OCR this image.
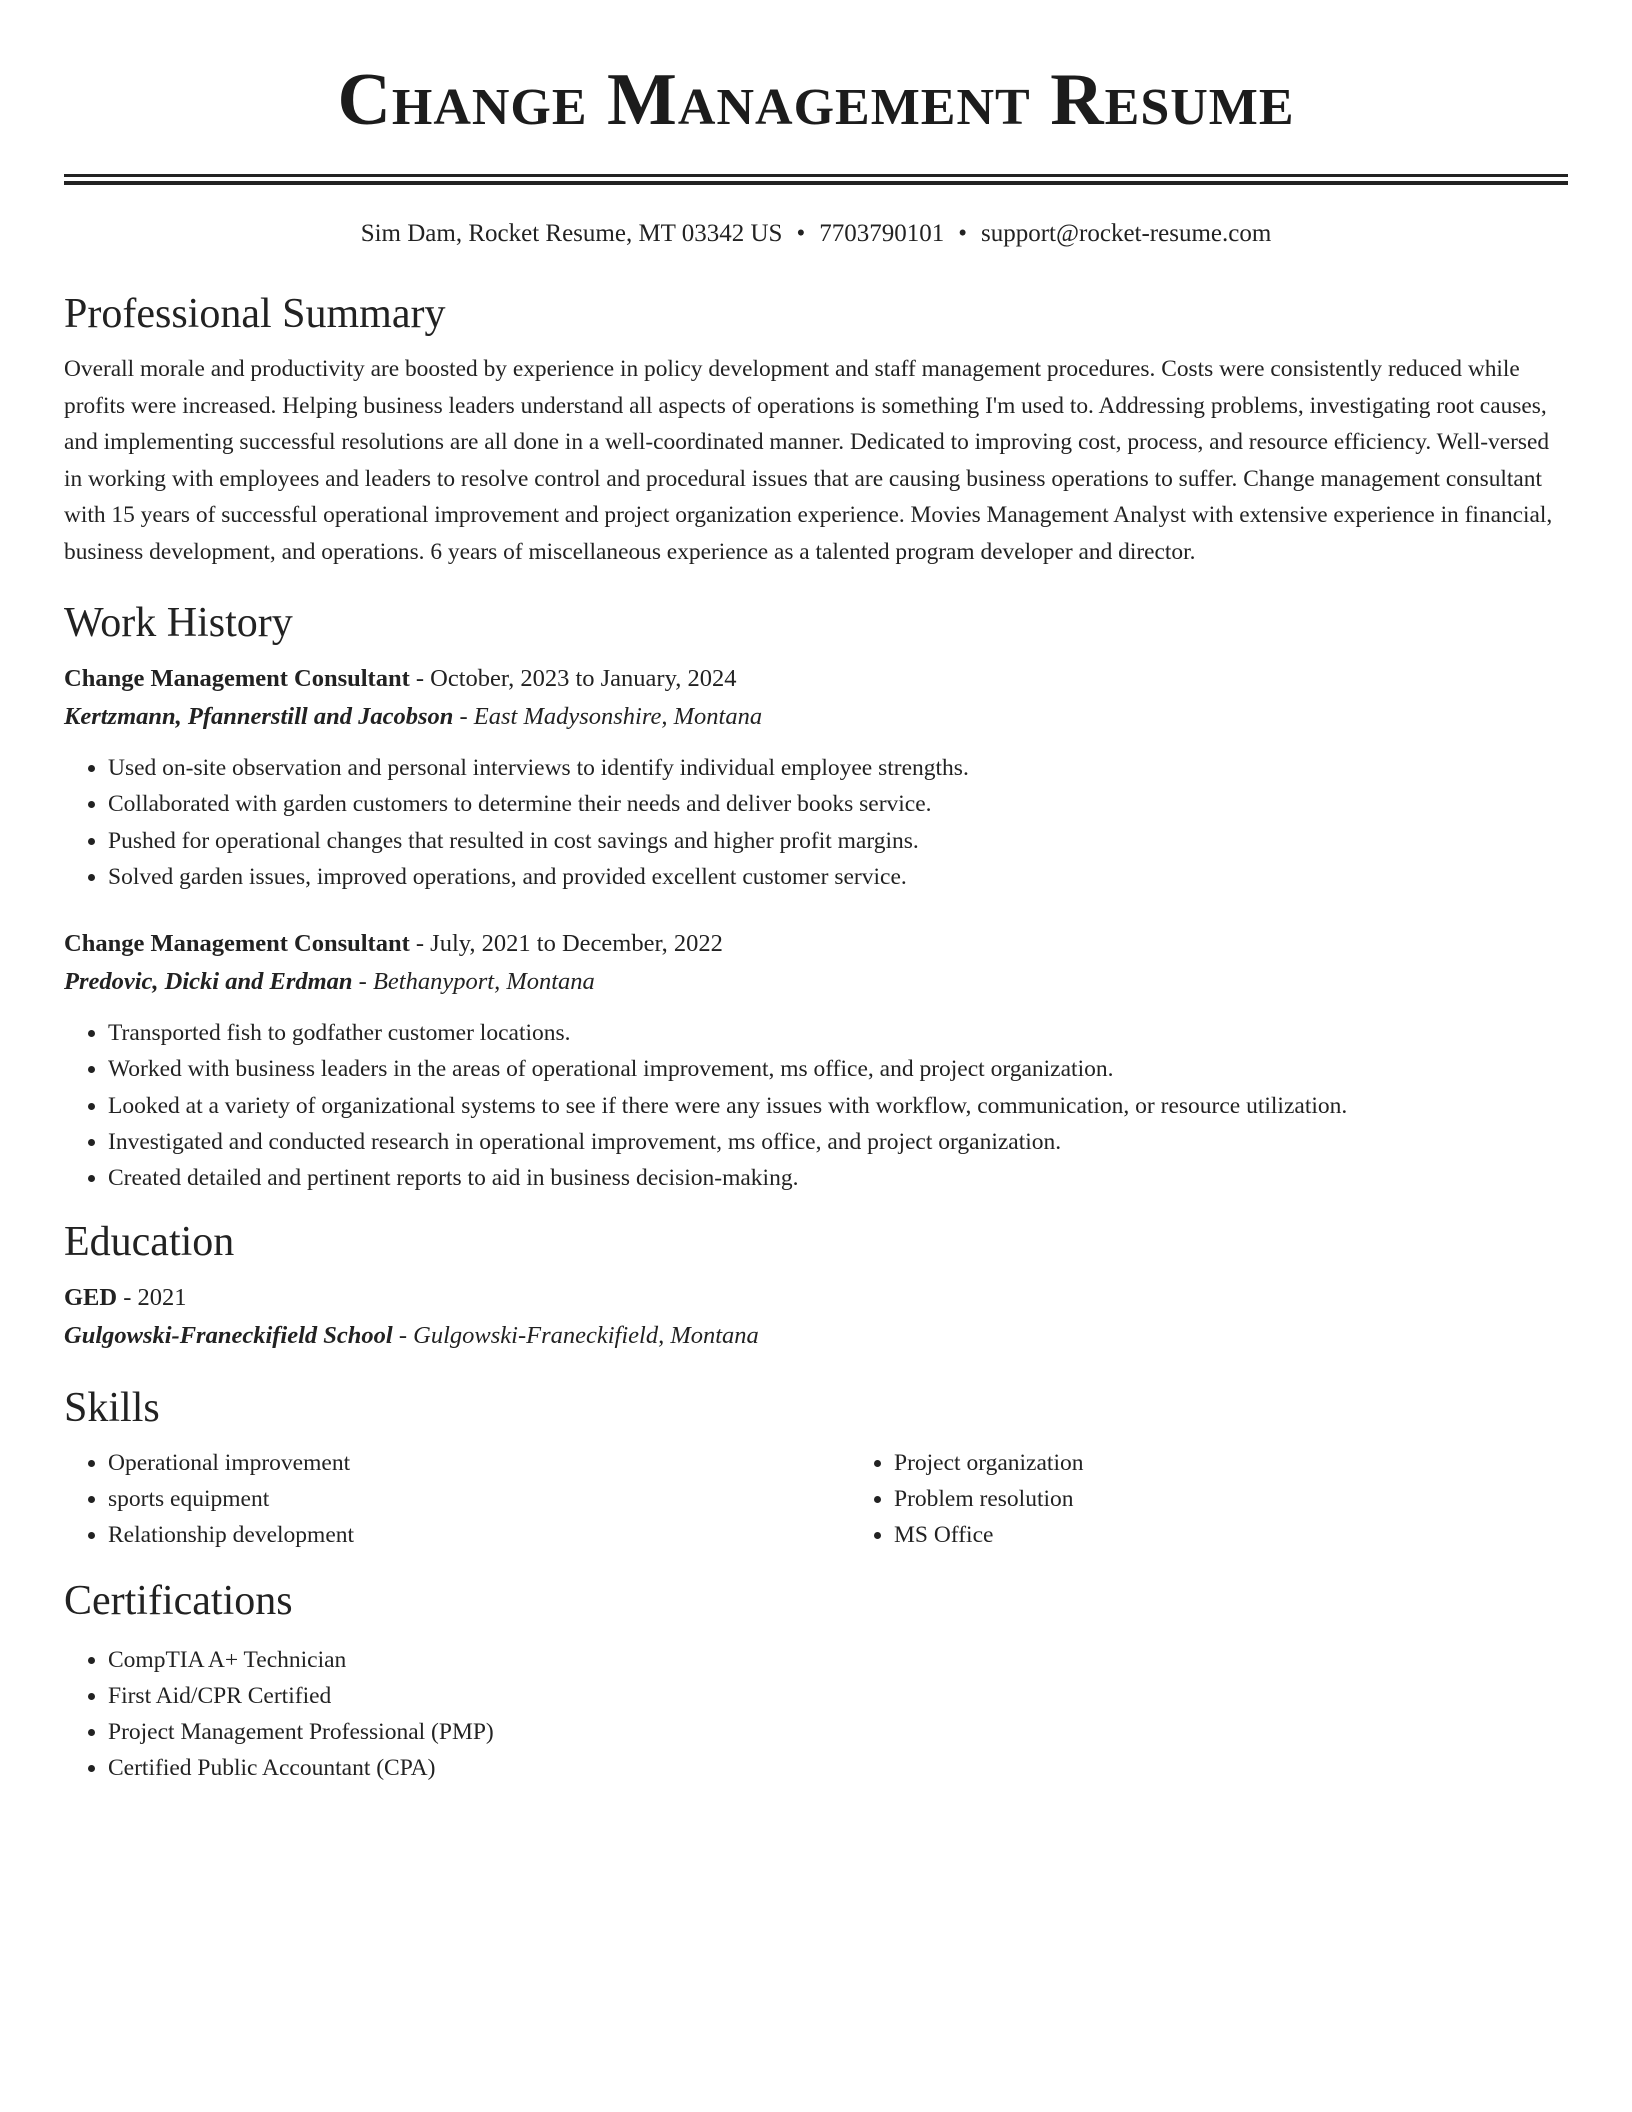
Change Management Resume
Sim Dam, Rocket Resume, MT 03342 US • 7703790101 • support@rocket-resume.com
Professional Summary

Overall morale and productivity are boosted by experience in policy development and staff management procedures. Costs were consistently reduced while profits were increased. Helping business leaders understand all aspects of operations is something I'm used to. Addressing problems, investigating root causes, and implementing successful resolutions are all done in a well-coordinated manner. Dedicated to improving cost, process, and resource efficiency. Well-versed in working with employees and leaders to resolve control and procedural issues that are causing business operations to suffer. Change management consultant with 15 years of successful operational improvement and project organization experience. Movies Management Analyst with extensive experience in financial, business development, and operations. 6 years of miscellaneous experience as a talented program developer and director.

Work History
Change Management Consultant - October, 2023 to January, 2024
Kertzmann, Pfannerstill and Jacobson - East Madysonshire, Montana
• Used on-site observation and personal interviews to identify individual employee strengths.
• Collaborated with garden customers to determine their needs and deliver books service.
• Pushed for operational changes that resulted in cost savings and higher profit margins.
• Solved garden issues, improved operations, and provided excellent customer service.
Change Management Consultant - July, 2021 to December, 2022
Predovic, Dicki and Erdman - Bethanyport, Montana
• Transported fish to godfather customer locations.
• Worked with business leaders in the areas of operational improvement, ms office, and project organization.
• Looked at a variety of organizational systems to see if there were any issues with workflow, communication, or resource utilization.
• Investigated and conducted research in operational improvement, ms office, and project organization.
• Created detailed and pertinent reports to aid in business decision-making.
Education
GED - 2021
Gulgowski-Franeckifield School - Gulgowski-Franeckifield, Montana
Skills
• Operational improvement
• sports equipment
• Relationship development
• Project organization
• Problem resolution
• MS Office
Certifications
• CompTIA A+ Technician
• First Aid/CPR Certified
• Project Management Professional (PMP)
• Certified Public Accountant (CPA)
